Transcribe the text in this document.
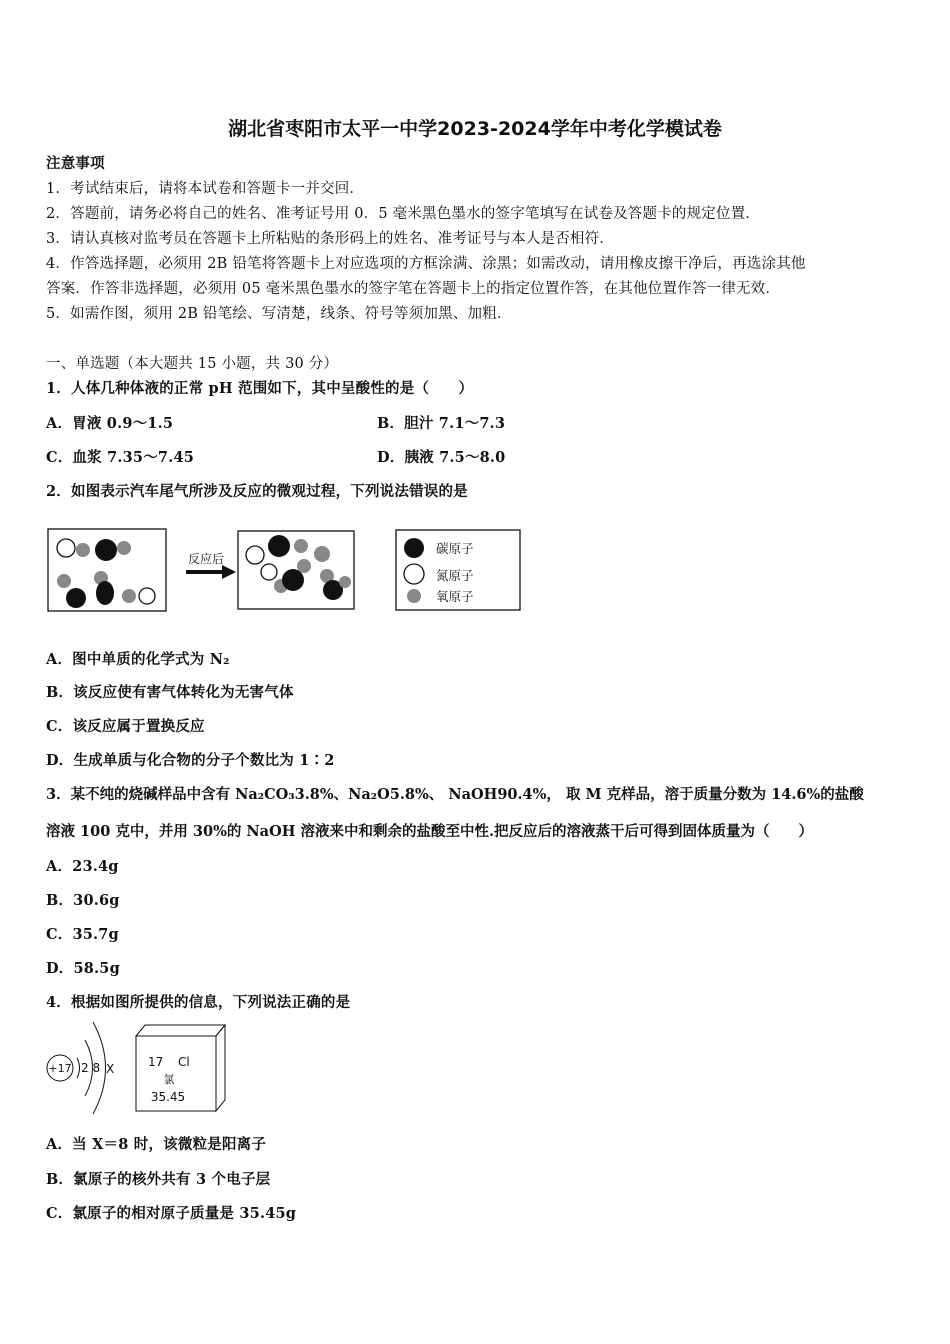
湖北省枣阳市太平一中学2023-2024学年中考化学模试卷
注意事项
1．考试结束后，请将本试卷和答题卡一并交回．
2．答题前，请务必将自己的姓名、准考证号用 0．5 毫米黑色墨水的签字笔填写在试卷及答题卡的规定位置．
3．请认真核对监考员在答题卡上所粘贴的条形码上的姓名、准考证号与本人是否相符．
4．作答选择题，必须用 2B 铅笔将答题卡上对应选项的方框涂满、涂黑；如需改动，请用橡皮擦干净后，再选涂其他
答案．作答非选择题，必须用 05 毫米黑色墨水的签字笔在答题卡上的指定位置作答，在其他位置作答一律无效．
5．如需作图，须用 2B 铅笔绘、写清楚，线条、符号等须加黑、加粗．
一、单选题（本大题共 15 小题，共 30 分）
1．人体几种体液的正常 pH 范围如下，其中呈酸性的是（　　）
A．胃液 0.9～1.5	B．胆汁 7.1～7.3
C．血浆 7.35～7.45	D．胰液 7.5～8.0
2．如图表示汽车尾气所涉及反应的微观过程，下列说法错误的是
反应后
碳原子
氮原子
氧原子
A．图中单质的化学式为 N₂
B．该反应使有害气体转化为无害气体
C．该反应属于置换反应
D．生成单质与化合物的分子个数比为 1∶2
3．某不纯的烧碱样品中含有 Na₂CO₃3.8%、Na₂O5.8%、 NaOH90.4%， 取 M 克样品，溶于质量分数为 14.6%的盐酸
溶液 100 克中，并用 30%的 NaOH 溶液来中和剩余的盐酸至中性.把反应后的溶液蒸干后可得到固体质量为（　　）
A．23.4g
B．30.6g
C．35.7g
D．58.5g
4．根据如图所提供的信息，下列说法正确的是
+17 2 8 X	17 Cl
氯
35.45
A．当 X＝8 时，该微粒是阳离子
B．氯原子的核外共有 3 个电子层
C．氯原子的相对原子质量是 35.45g
